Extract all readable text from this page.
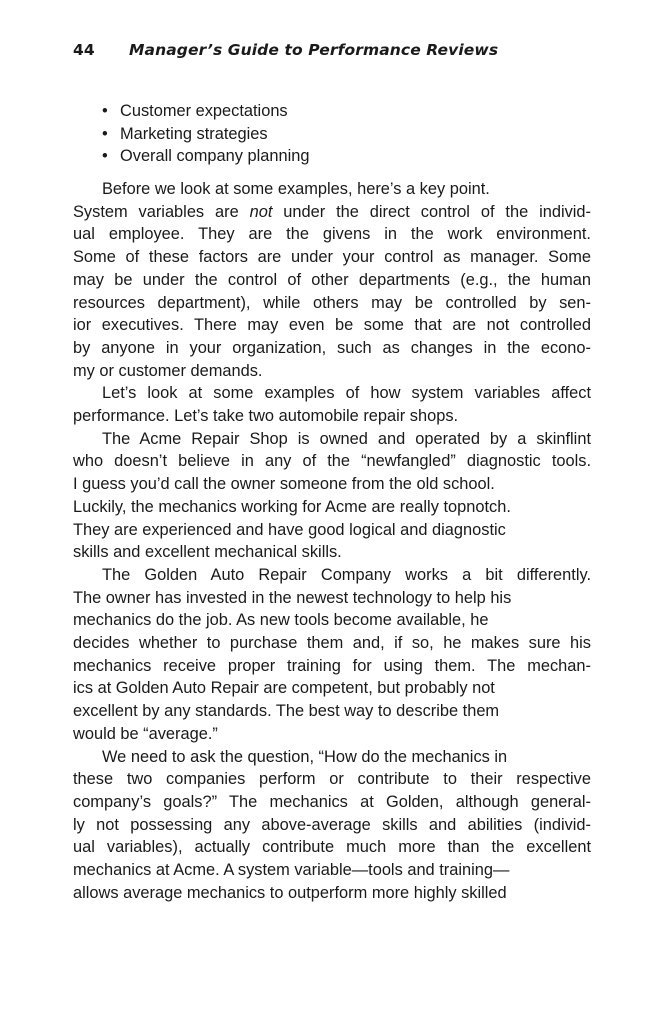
44 Manager’s Guide to Performance Reviews
• Customer expectations
• Marketing strategies
• Overall company planning
Before we look at some examples, here’s a key point.
System variables are not under the direct control of the individ-
ual employee. They are the givens in the work environment.
Some of these factors are under your control as manager. Some
may be under the control of other departments (e.g., the human
resources department), while others may be controlled by sen-
ior executives. There may even be some that are not controlled
by anyone in your organization, such as changes in the econo-
my or customer demands.
Let’s look at some examples of how system variables affect
performance. Let’s take two automobile repair shops.
The Acme Repair Shop is owned and operated by a skinflint
who doesn’t believe in any of the “newfangled” diagnostic tools.
I guess you’d call the owner someone from the old school.
Luckily, the mechanics working for Acme are really topnotch.
They are experienced and have good logical and diagnostic
skills and excellent mechanical skills.
The Golden Auto Repair Company works a bit differently.
The owner has invested in the newest technology to help his
mechanics do the job. As new tools become available, he
decides whether to purchase them and, if so, he makes sure his
mechanics receive proper training for using them. The mechan-
ics at Golden Auto Repair are competent, but probably not
excellent by any standards. The best way to describe them
would be “average.”
We need to ask the question, “How do the mechanics in
these two companies perform or contribute to their respective
company’s goals?” The mechanics at Golden, although general-
ly not possessing any above-average skills and abilities (individ-
ual variables), actually contribute much more than the excellent
mechanics at Acme. A system variable—tools and training—
allows average mechanics to outperform more highly skilled
